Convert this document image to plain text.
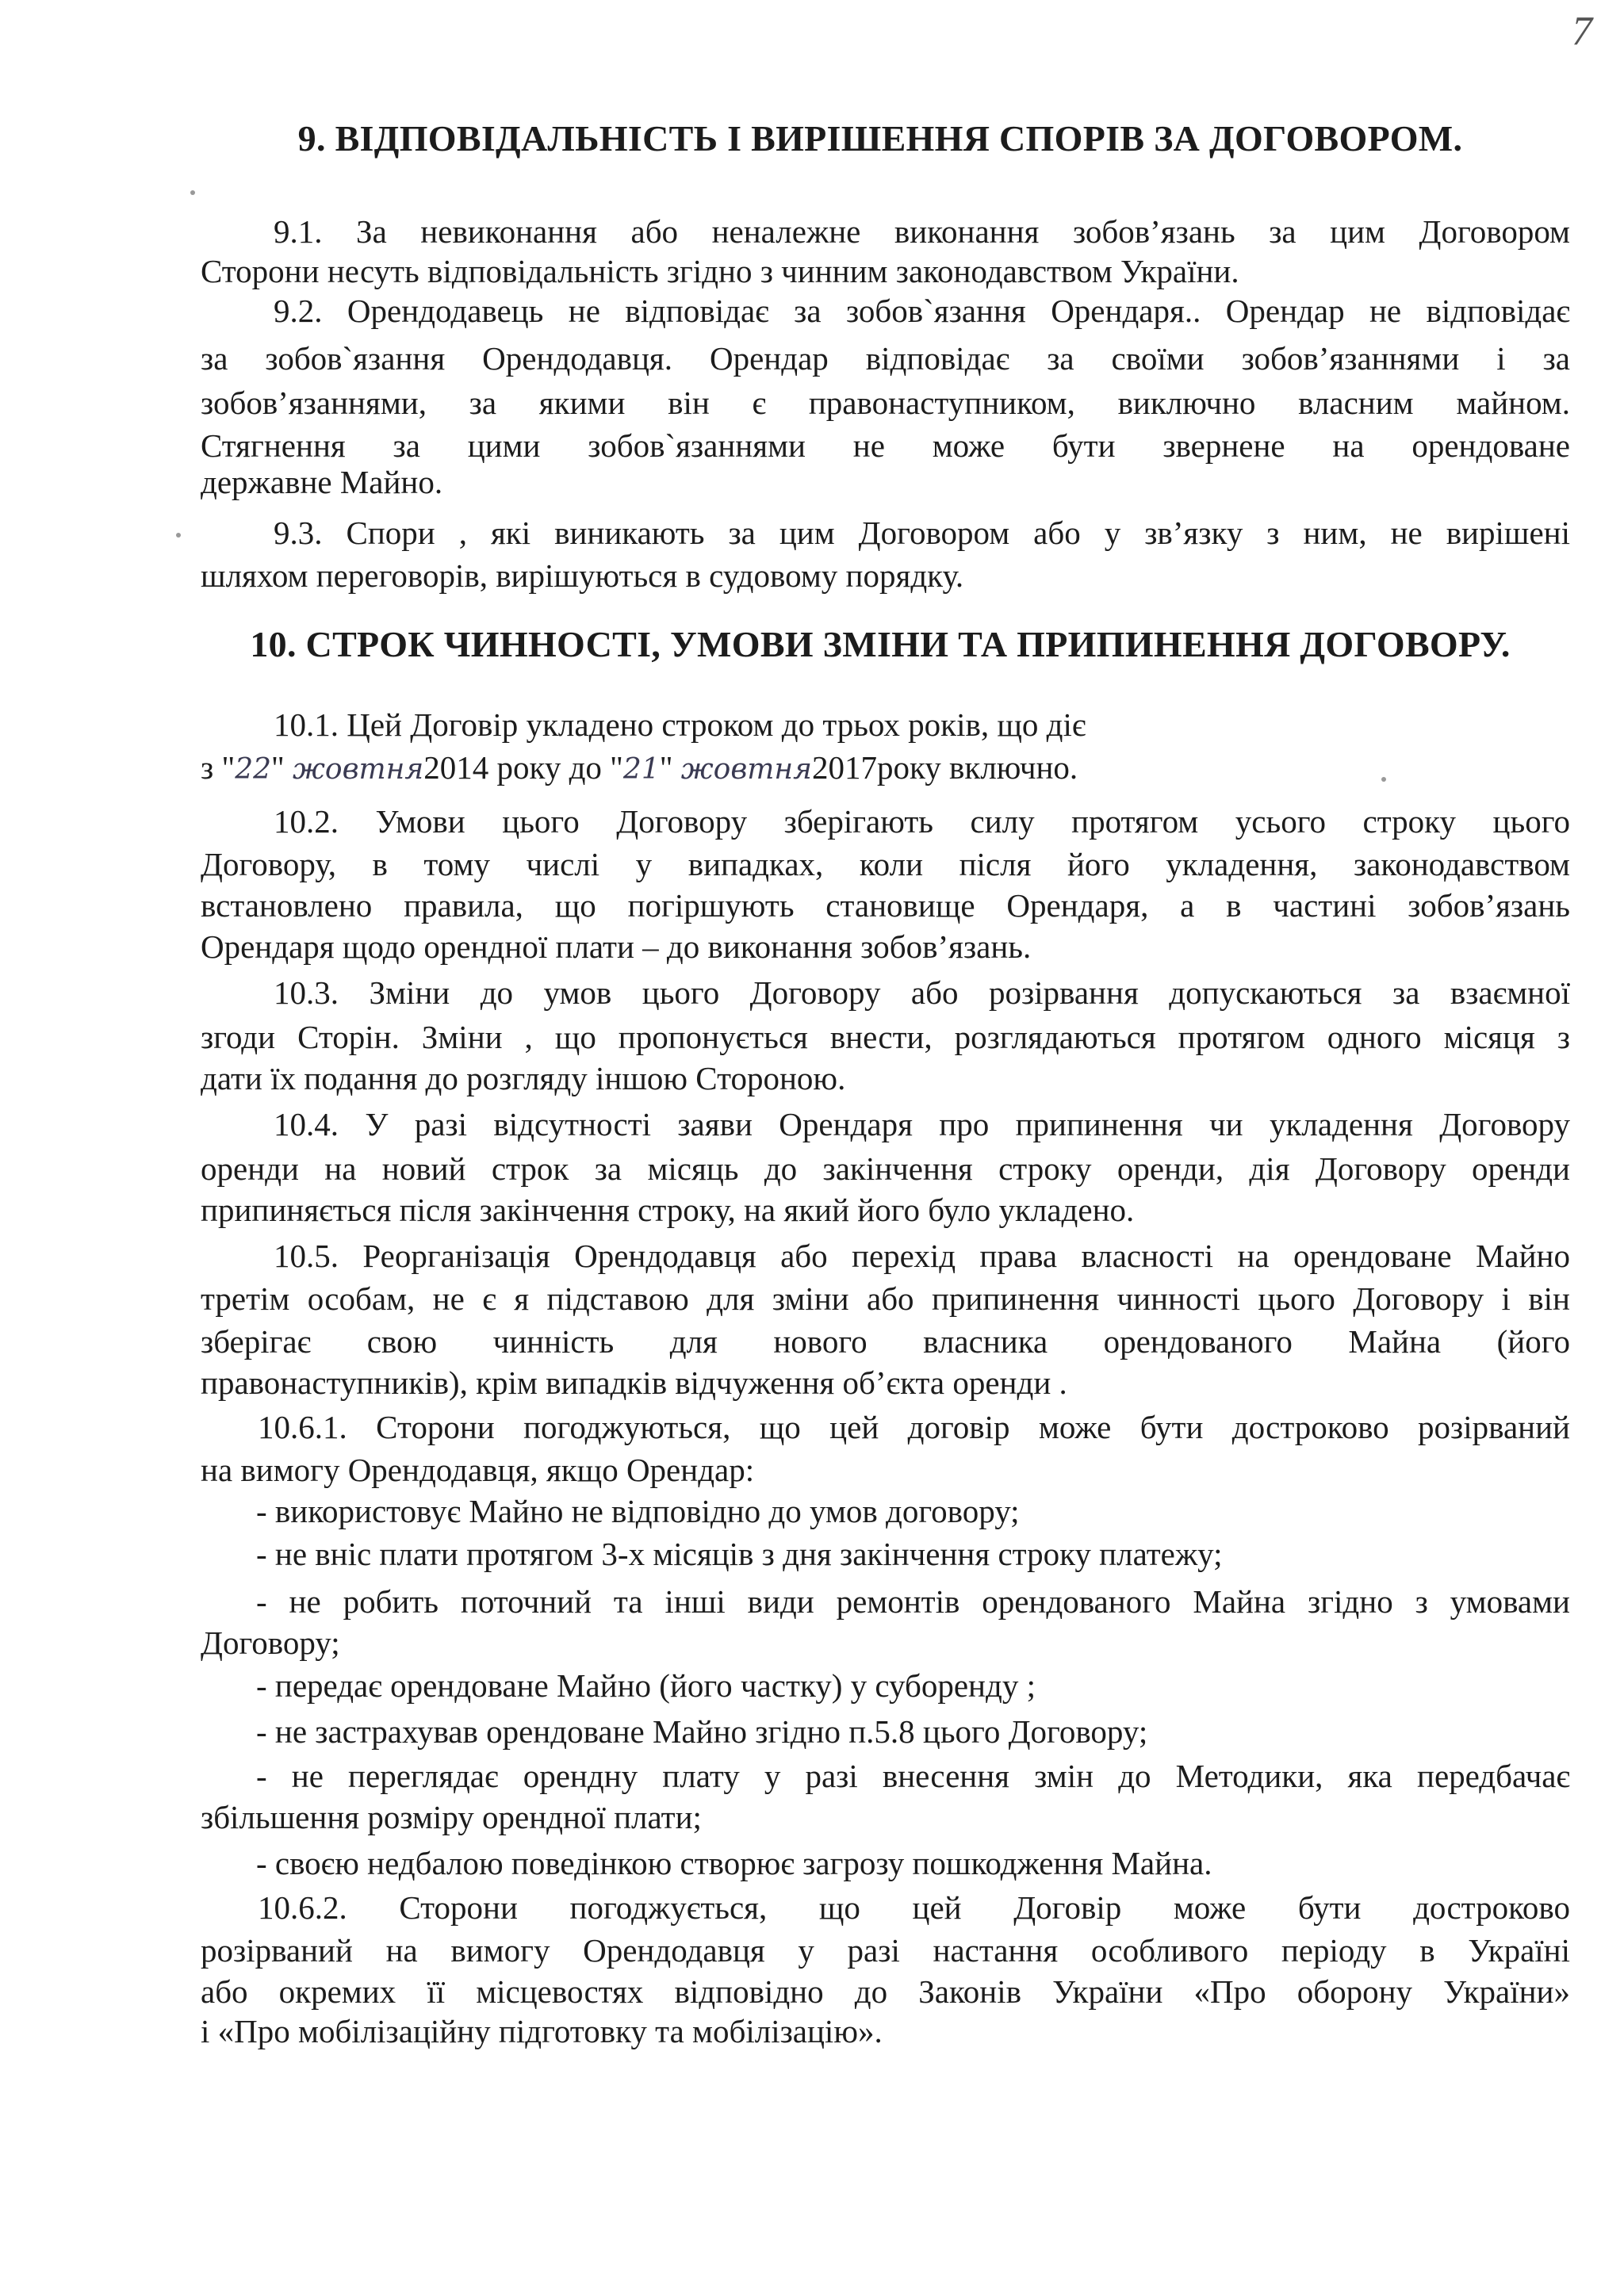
7
9. ВІДПОВІДАЛЬНІСТЬ І ВИРІШЕННЯ СПОРІВ ЗА ДОГОВОРОМ.
9.1. За невиконання або неналежне виконання зобов’язань за цим Договором
Сторони несуть відповідальність згідно з чинним законодавством України.
9.2. Орендодавець не відповідає за зобов`язання Орендаря.. Орендар не відповідає
за зобов`язання Орендодавця. Орендар відповідає за своїми зобов’язаннями і за
зобов’язаннями, за якими він є правонаступником, виключно власним майном.
Стягнення за цими зобов`язаннями не може бути звернене на орендоване
державне Майно.
9.3. Спори , які виникають за цим Договором або у зв’язку з ним, не вирішені
шляхом переговорів, вирішуються в судовому порядку.
10. СТРОК ЧИННОСТІ, УМОВИ ЗМІНИ ТА ПРИПИНЕННЯ ДОГОВОРУ.
10.1. Цей Договір укладено строком до трьох років, що діє
з "22" жовтня2014 року до "21" жовтня2017року включно.
10.2. Умови цього Договору зберігають силу протягом усього строку цього
Договору, в тому числі у випадках, коли після його укладення, законодавством
встановлено правила, що погіршують становище Орендаря, а в частині зобов’язань
Орендаря щодо орендної плати – до виконання зобов’язань.
10.3. Зміни до умов цього Договору або розірвання допускаються за взаємної
згоди Сторін. Зміни , що пропонується внести, розглядаються протягом одного місяця з
дати їх подання до розгляду іншою Стороною.
10.4. У разі відсутності заяви Орендаря про припинення чи укладення Договору
оренди на новий строк за місяць до закінчення строку оренди, дія Договору оренди
припиняється після закінчення строку, на який його було укладено.
10.5. Реорганізація Орендодавця або перехід права власності на орендоване Майно
третім особам, не є я підставою для зміни або припинення чинності цього Договору і він
зберігає свою чинність для нового власника орендованого Майна (його
правонаступників), крім випадків відчуження об’єкта оренди .
10.6.1. Сторони погоджуються, що цей договір може бути достроково розірваний
на вимогу Орендодавця, якщо Орендар:
- використовує Майно не відповідно до умов договору;
- не вніс плати протягом 3-х місяців з дня закінчення строку платежу;
- не робить поточний та інші види ремонтів орендованого Майна згідно з умовами
Договору;
- передає орендоване Майно (його частку) у суборенду ;
- не застрахував орендоване Майно згідно п.5.8 цього Договору;
- не переглядає орендну плату у разі внесення змін до Методики, яка передбачає
збільшення розміру орендної плати;
- своєю недбалою поведінкою створює загрозу пошкодження Майна.
10.6.2. Сторони погоджується, що цей Договір може бути достроково
розірваний на вимогу Орендодавця у разі настання особливого періоду в Україні
або окремих її місцевостях відповідно до Законів України «Про оборону України»
і «Про мобілізаційну підготовку та мобілізацію».
